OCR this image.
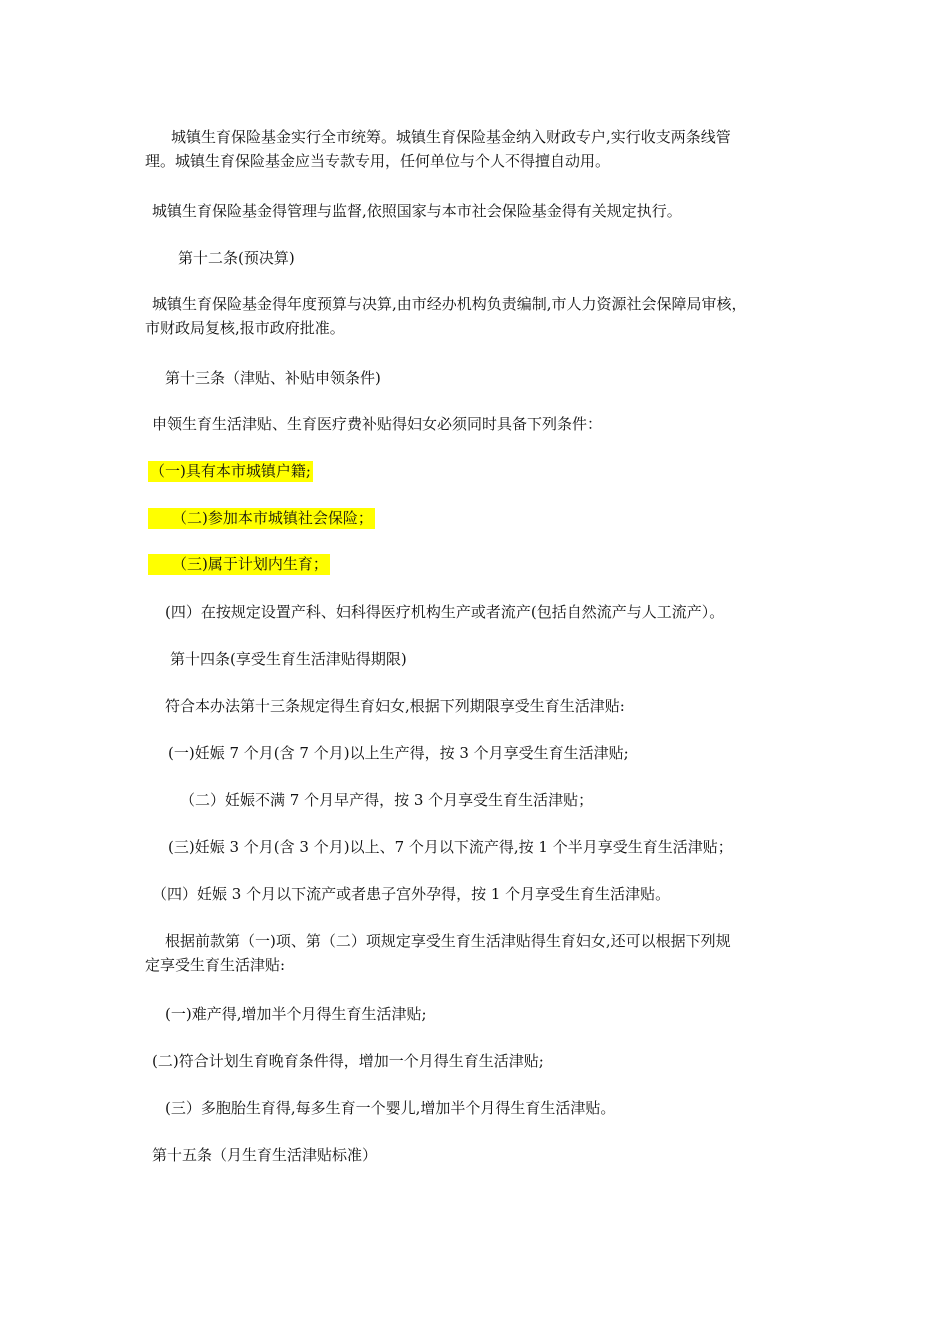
城镇生育保险基金实行全市统筹。城镇生育保险基金纳入财政专户,实行收支两条线管
理。城镇生育保险基金应当专款专用，任何单位与个人不得擅自动用。

城镇生育保险基金得管理与监督,依照国家与本市社会保险基金得有关规定执行。

第十二条(预决算)

城镇生育保险基金得年度预算与决算,由市经办机构负责编制,市人力资源社会保障局审核，
市财政局复核,报市政府批准。

第十三条（津贴、补贴申领条件)

申领生育生活津贴、生育医疗费补贴得妇女必须同时具备下列条件：

（一)具有本市城镇户籍;

（二)参加本市城镇社会保险；

（三)属于计划内生育；

(四）在按规定设置产科、妇科得医疗机构生产或者流产(包括自然流产与人工流产）。

第十四条(享受生育生活津贴得期限)

符合本办法第十三条规定得生育妇女,根据下列期限享受生育生活津贴:

(一)妊娠 7 个月(含 7 个月)以上生产得，按 3 个月享受生育生活津贴;

（二）妊娠不满 7 个月早产得，按 3 个月享受生育生活津贴；

(三)妊娠 3 个月(含 3 个月)以上、7 个月以下流产得,按 1 个半月享受生育生活津贴；

（四）妊娠 3 个月以下流产或者患子宫外孕得，按 1 个月享受生育生活津贴。

根据前款第（一)项、第（二）项规定享受生育生活津贴得生育妇女,还可以根据下列规
定享受生育生活津贴:

(一)难产得,增加半个月得生育生活津贴;

(二)符合计划生育晚育条件得，增加一个月得生育生活津贴;

(三）多胞胎生育得,每多生育一个婴儿,增加半个月得生育生活津贴。

第十五条（月生育生活津贴标准）
